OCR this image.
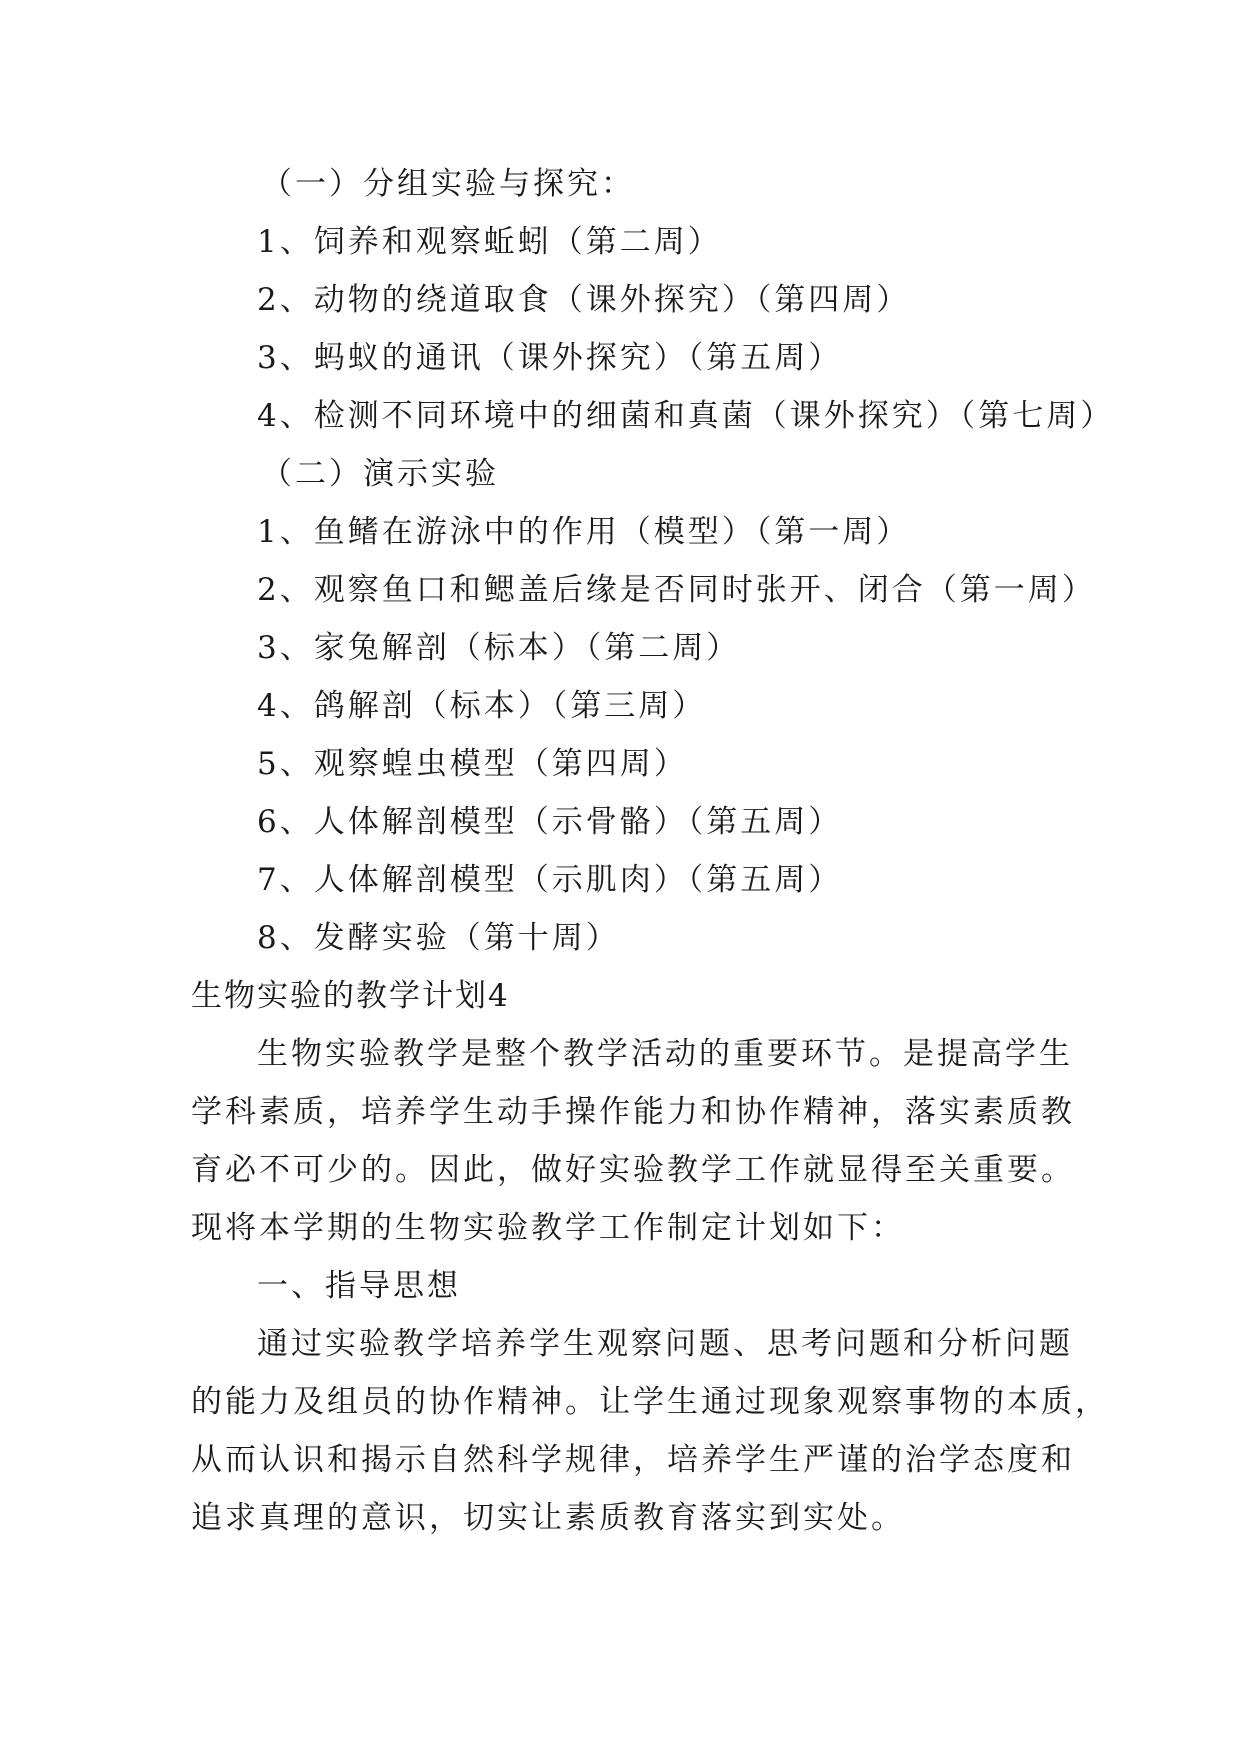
（一）分组实验与探究：
1、饲养和观察蚯蚓（第二周）
2、动物的绕道取食（课外探究）（第四周）
3、蚂蚁的通讯（课外探究）（第五周）
4、检测不同环境中的细菌和真菌（课外探究）（第七周）
（二）演示实验
1、鱼鳍在游泳中的作用（模型）（第一周）
2、观察鱼口和鳃盖后缘是否同时张开、闭合（第一周）
3、家兔解剖（标本）（第二周）
4、鸽解剖（标本）（第三周）
5、观察蝗虫模型（第四周）
6、人体解剖模型（示骨骼）（第五周）
7、人体解剖模型（示肌肉）（第五周）
8、发酵实验（第十周）
生物实验的教学计划4
生物实验教学是整个教学活动的重要环节。是提高学生
学科素质，培养学生动手操作能力和协作精神，落实素质教
育必不可少的。因此，做好实验教学工作就显得至关重要。
现将本学期的生物实验教学工作制定计划如下：
一、指导思想
通过实验教学培养学生观察问题、思考问题和分析问题
的能力及组员的协作精神。让学生通过现象观察事物的本质，
从而认识和揭示自然科学规律，培养学生严谨的治学态度和
追求真理的意识，切实让素质教育落实到实处。
